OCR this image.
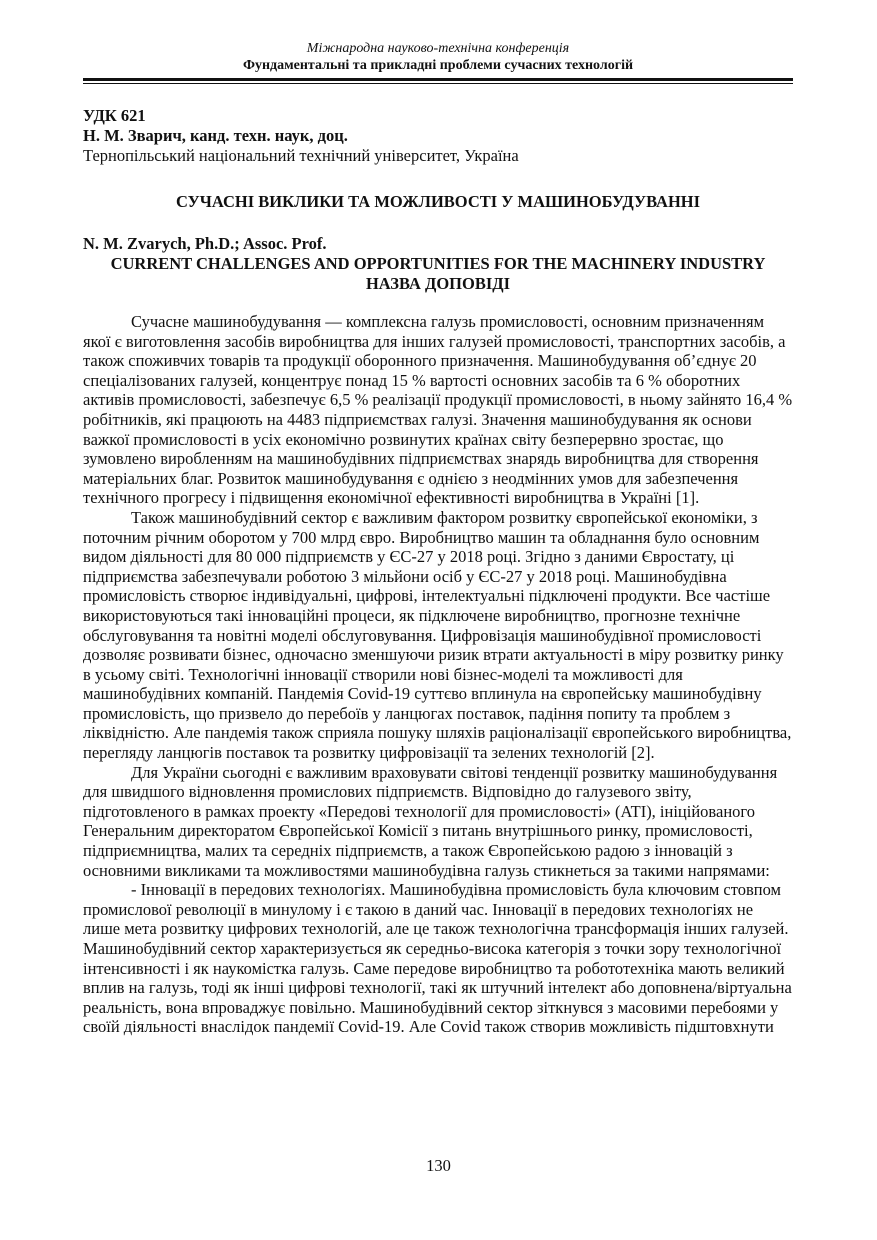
Міжнародна науково-технічна конференція
Фундаментальні та прикладні проблеми сучасних технологій
УДК 621
Н. М. Зварич, канд. техн. наук, доц.
Тернопільський національний технічний університет, Україна
СУЧАСНІ ВИКЛИКИ ТА МОЖЛИВОСТІ У МАШИНОБУДУВАННІ
N. M. Zvarych, Ph.D.; Assoc. Prof.
CURRENT CHALLENGES AND OPPORTUNITIES FOR THE MACHINERY INDUSTRY
НАЗВА ДОПОВІДІ

Сучасне машинобудування — комплексна галузь промисловості, основним призначенням якої є виготовлення засобів виробництва для інших галузей промисловості, транспортних засобів, а також споживчих товарів та продукції оборонного призначення. Машинобудування об’єднує 20 спеціалізованих галузей, концентрує понад 15 % вартості основних засобів та 6 % оборотних активів промисловості, забезпечує 6,5 % реалізації продукції промисловості, в ньому зайнято 16,4 % робітників, які працюють на 4483 підприємствах галузі. Значення машинобудування як основи важкої промисловості в усіх економічно розвинутих країнах світу безперервно зростає, що зумовлено виробленням на машинобудівних підприємствах знарядь виробництва для створення матеріальних благ. Розвиток машинобудування є однією з неодмінних умов для забезпечення технічного прогресу і підвищення економічної ефективності виробництва в Україні [1].

Також машинобудівний сектор є важливим фактором розвитку європейської економіки, з поточним річним оборотом у 700 млрд євро. Виробництво машин та обладнання було основним видом діяльності для 80 000 підприємств у ЄС-27 у 2018 році. Згідно з даними Євростату, ці підприємства забезпечували роботою 3 мільйони осіб у ЄС-27 у 2018 році. Машинобудівна промисловість створює індивідуальні, цифрові, інтелектуальні підключені продукти. Все частіше використовуються такі інноваційні процеси, як підключене виробництво, прогнозне технічне обслуговування та новітні моделі обслуговування. Цифровізація машинобудівної промисловості дозволяє розвивати бізнес, одночасно зменшуючи ризик втрати актуальності в міру розвитку ринку в усьому світі. Технологічні інновації створили нові бізнес-моделі та можливості для машинобудівних компаній. Пандемія Covid-19 суттєво вплинула на європейську машинобудівну промисловість, що призвело до перебоїв у ланцюгах поставок, падіння попиту та проблем з ліквідністю. Але пандемія також сприяла пошуку шляхів раціоналізації європейського виробництва, перегляду ланцюгів поставок та розвитку цифровізації та зелених технологій [2].

Для України сьогодні є важливим враховувати світові тенденції розвитку машинобудування для швидшого відновлення промислових підприємств. Відповідно до галузевого звіту, підготовленого в рамках проекту «Передові технології для промисловості» (ATI), ініційованого Генеральним директоратом Європейської Комісії з питань внутрішнього ринку, промисловості, підприємництва, малих та середніх підприємств, а також Європейською радою з інновацій з основними викликами та можливостями машинобудівна галузь стикнеться за такими напрямами:

- Інновації в передових технологіях. Машинобудівна промисловість була ключовим стовпом промислової революції в минулому і є такою в даний час. Інновації в передових технологіях не лише мета розвитку цифрових технологій, але це також технологічна трансформація інших галузей. Машинобудівний сектор характеризується як середньо-висока категорія з точки зору технологічної інтенсивності і як наукомістка галузь. Саме передове виробництво та робототехніка мають великий вплив на галузь, тоді як інші цифрові технології, такі як штучний інтелект або доповнена/віртуальна реальність, вона впроваджує повільно. Машинобудівний сектор зіткнувся з масовими перебоями у своїй діяльності внаслідок пандемії Covid-19. Але Covid також створив можливість підштовхнути

130
